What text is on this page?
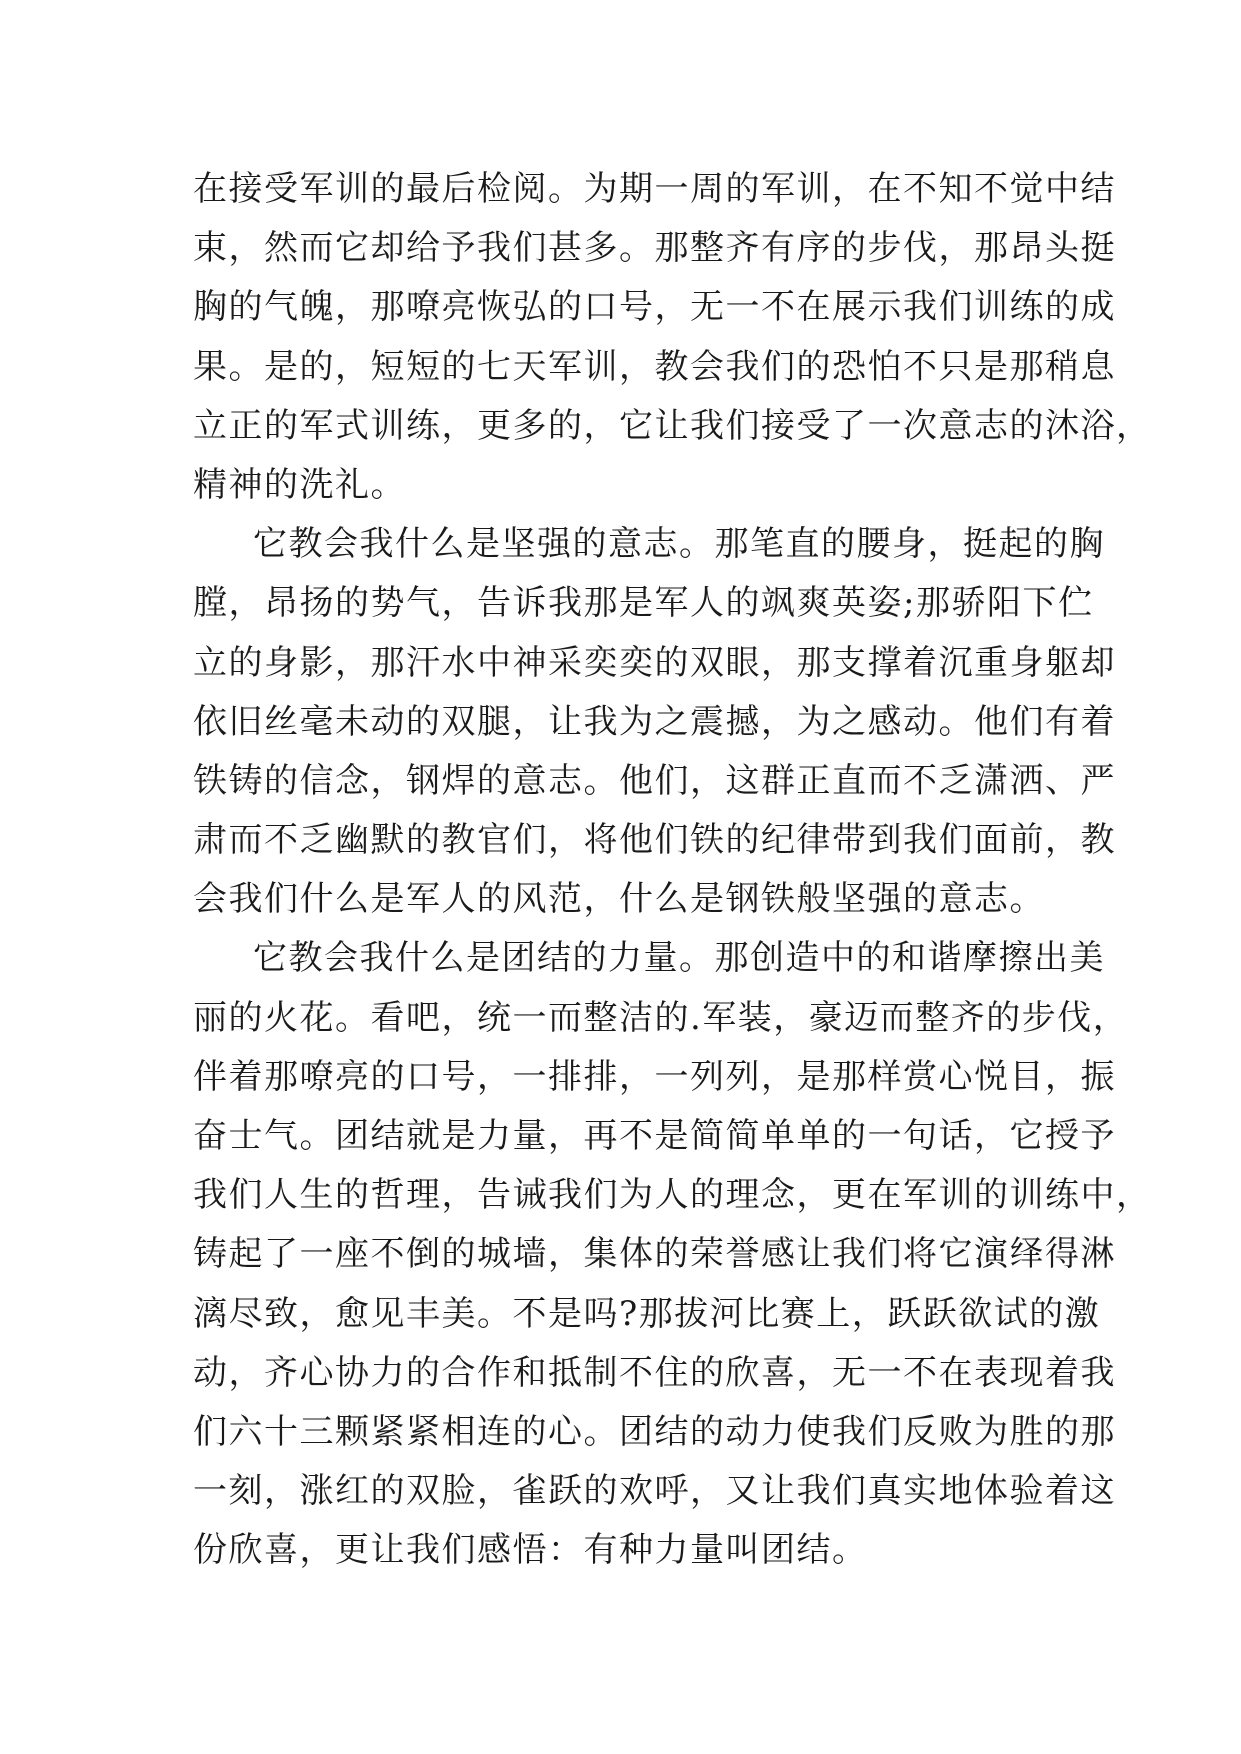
在接受军训的最后检阅。为期一周的军训，在不知不觉中结
束，然而它却给予我们甚多。那整齐有序的步伐，那昂头挺
胸的气魄，那嘹亮恢弘的口号，无一不在展示我们训练的成
果。是的，短短的七天军训，教会我们的恐怕不只是那稍息
立正的军式训练，更多的，它让我们接受了一次意志的沐浴，
精神的洗礼。
它教会我什么是坚强的意志。那笔直的腰身，挺起的胸
膛，昂扬的势气，告诉我那是军人的飒爽英姿;那骄阳下伫
立的身影，那汗水中神采奕奕的双眼，那支撑着沉重身躯却
依旧丝毫未动的双腿，让我为之震撼，为之感动。他们有着
铁铸的信念，钢焊的意志。他们，这群正直而不乏潇洒、严
肃而不乏幽默的教官们，将他们铁的纪律带到我们面前，教
会我们什么是军人的风范，什么是钢铁般坚强的意志。
它教会我什么是团结的力量。那创造中的和谐摩擦出美
丽的火花。看吧，统一而整洁的.军装，豪迈而整齐的步伐，
伴着那嘹亮的口号，一排排，一列列，是那样赏心悦目，振
奋士气。团结就是力量，再不是简简单单的一句话，它授予
我们人生的哲理，告诫我们为人的理念，更在军训的训练中，
铸起了一座不倒的城墙，集体的荣誉感让我们将它演绎得淋
漓尽致，愈见丰美。不是吗?那拔河比赛上，跃跃欲试的激
动，齐心协力的合作和抵制不住的欣喜，无一不在表现着我
们六十三颗紧紧相连的心。团结的动力使我们反败为胜的那
一刻，涨红的双脸，雀跃的欢呼，又让我们真实地体验着这
份欣喜，更让我们感悟：有种力量叫团结。
